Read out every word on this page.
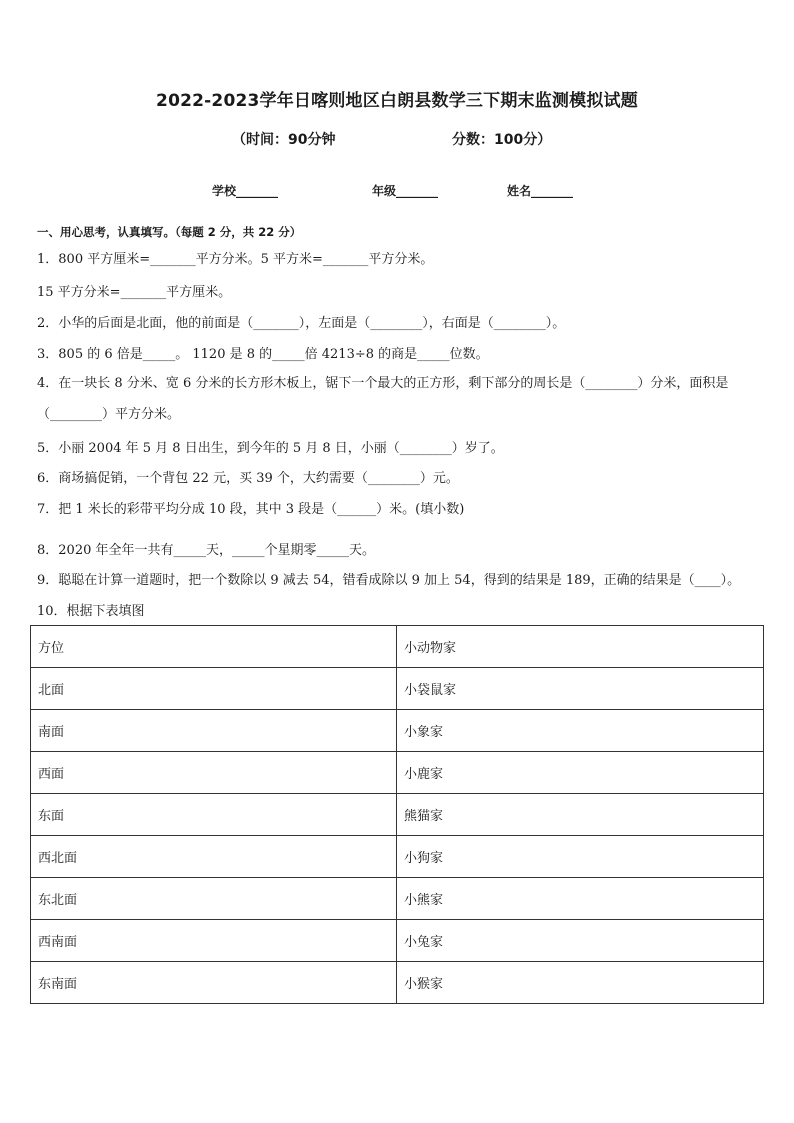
2022-2023学年日喀则地区白朗县数学三下期末监测模拟试题
（时间：90分钟	分数：100分）
学校_______	年级_______	姓名_______
一、用心思考，认真填写。（每题 2 分，共 22 分）
1．800 平方厘米=_______平方分米。5 平方米=_______平方分米。
15 平方分米=_______平方厘米。
2．小华的后面是北面，他的前面是（_______），左面是（________），右面是（________）。
3．805 的 6 倍是_____。 1120 是 8 的_____倍 4213÷8 的商是_____位数。
4．在一块长 8 分米、宽 6 分米的长方形木板上，锯下一个最大的正方形，剩下部分的周长是（________）分米，面积是（________）平方分米。
5．小丽 2004 年 5 月 8 日出生，到今年的 5 月 8 日，小丽（________）岁了。
6．商场搞促销，一个背包 22 元，买 39 个，大约需要（________）元。
7．把 1 米长的彩带平均分成 10 段，其中 3 段是（______）米。(填小数)
8．2020 年全年一共有_____天，_____个星期零_____天。
9．聪聪在计算一道题时，把一个数除以 9 减去 54，错看成除以 9 加上 54，得到的结果是 189，正确的结果是（____）。
10．根据下表填图
方位	小动物家
北面	小袋鼠家
南面	小象家
西面	小鹿家
东面	熊猫家
西北面	小狗家
东北面	小熊家
西南面	小兔家
东南面	小猴家
